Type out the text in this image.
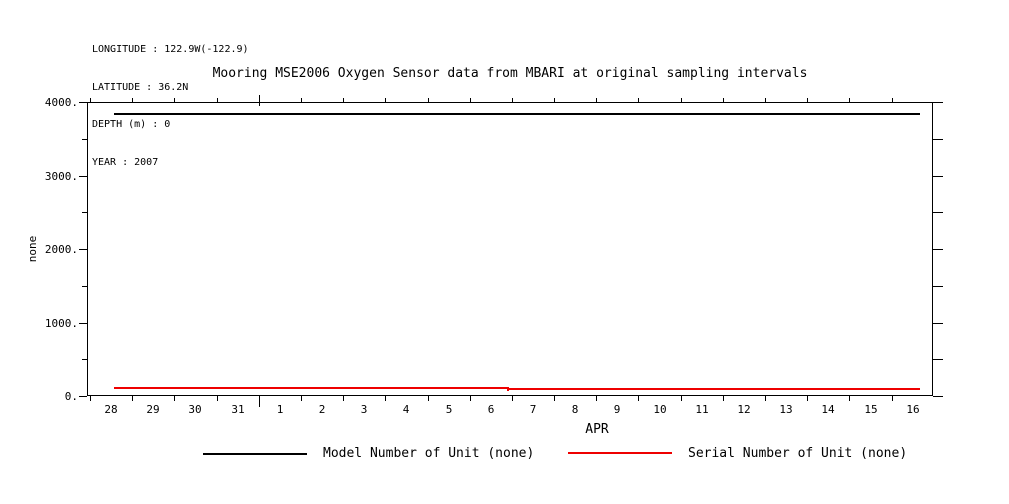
LONGITUDE : 122.9W(-122.9)

LATITUDE : 36.2N

DEPTH (m) : 0

YEAR : 2007

Mooring MSE2006 Oxygen Sensor data from MBARI at original sampling intervals
none
4000.
3000.
2000.
1000.
0.
28	29	30	31	1	2	3	4	5	6	7	8	9	10	11	12	13	14	15	16
APR
Model Number of Unit (none)	Serial Number of Unit (none)
